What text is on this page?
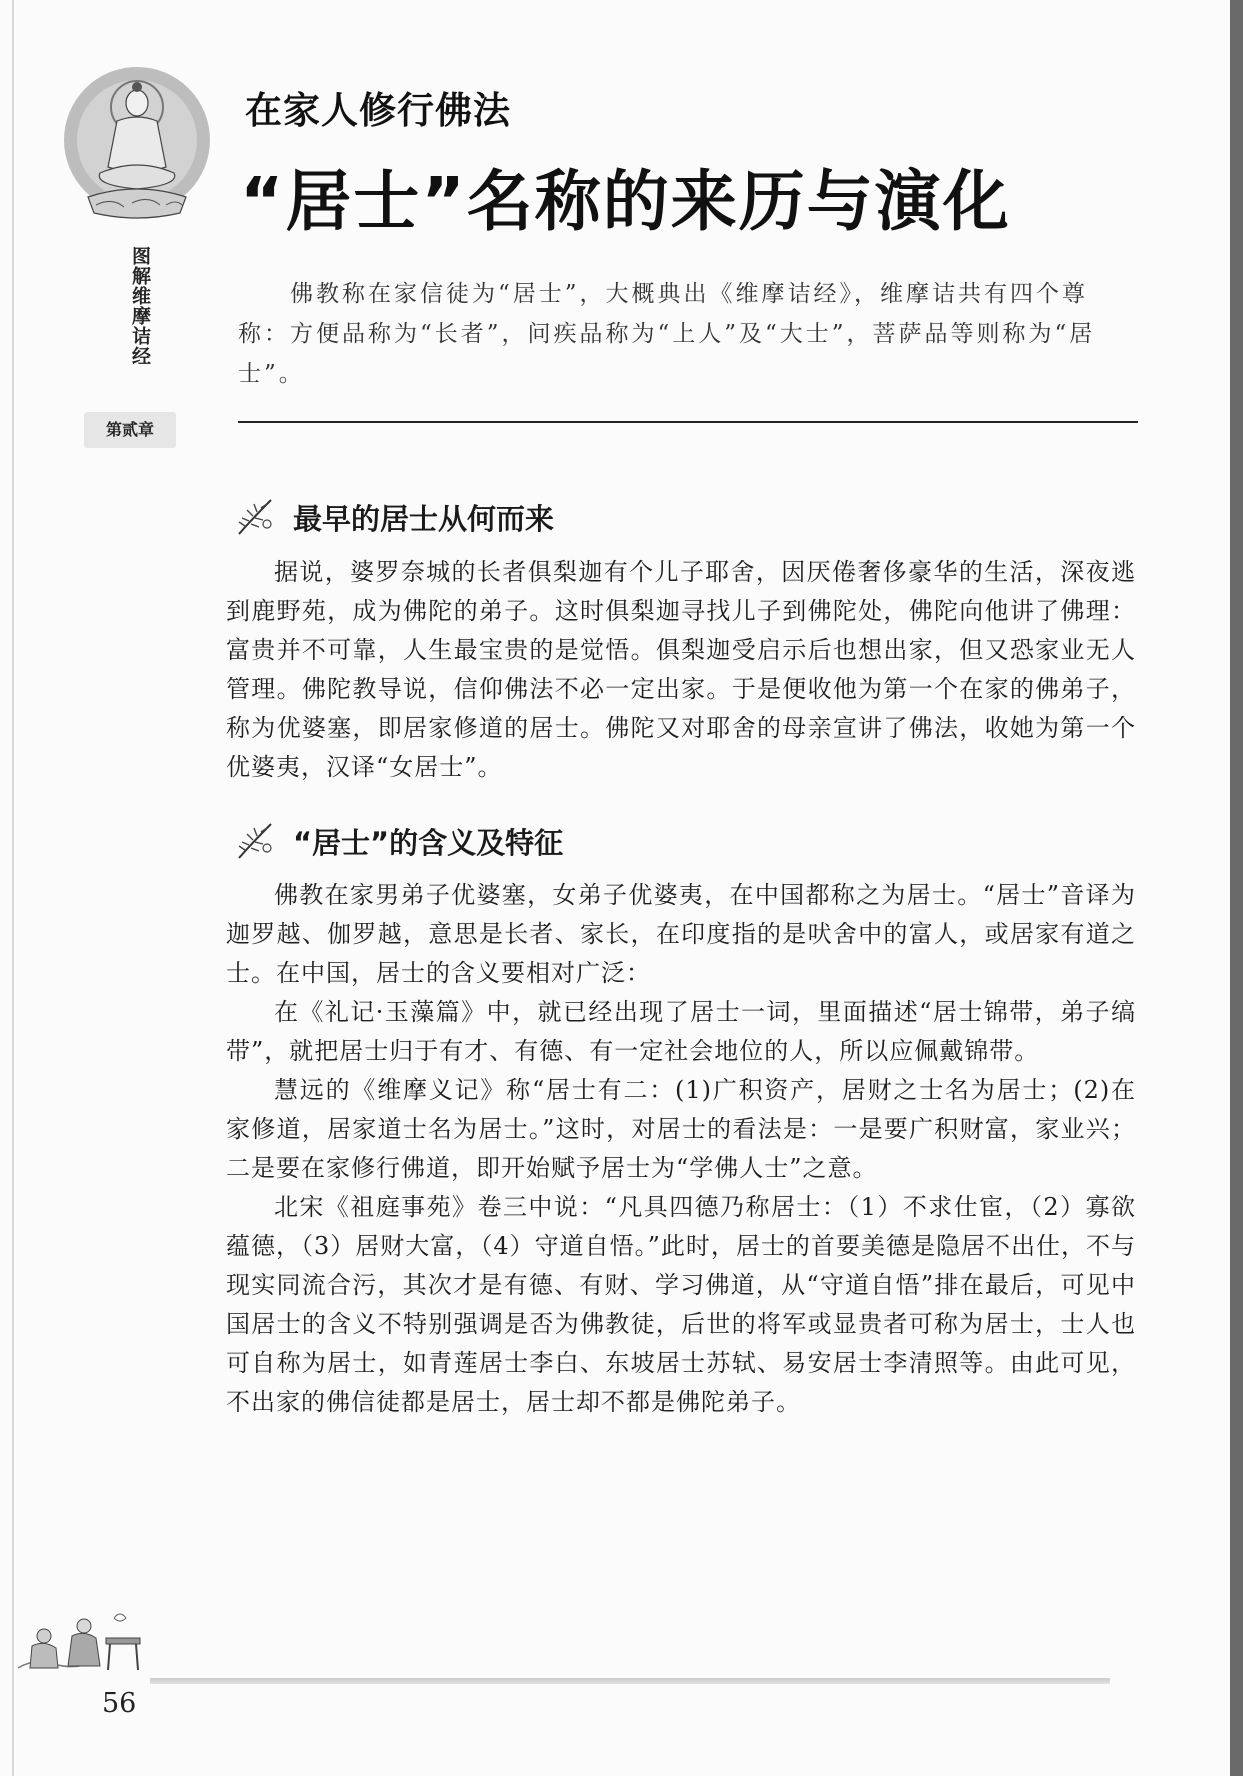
图解维摩诘经
第贰章
在家人修行佛法
“居士”名称的来历与演化
佛教称在家信徒为“居士”，大概典出《维摩诘经》，维摩诘共有四个尊称：方便品称为“长者”，问疾品称为“上人”及“大士”，菩萨品等则称为“居士”。
最早的居士从何而来

据说，婆罗奈城的长者俱梨迦有个儿子耶舍，因厌倦奢侈豪华的生活，深夜逃到鹿野苑，成为佛陀的弟子。这时俱梨迦寻找儿子到佛陀处，佛陀向他讲了佛理：富贵并不可靠，人生最宝贵的是觉悟。俱梨迦受启示后也想出家，但又恐家业无人管理。佛陀教导说，信仰佛法不必一定出家。于是便收他为第一个在家的佛弟子，称为优婆塞，即居家修道的居士。佛陀又对耶舍的母亲宣讲了佛法，收她为第一个优婆夷，汉译“女居士”。

“居士”的含义及特征

佛教在家男弟子优婆塞，女弟子优婆夷，在中国都称之为居士。“居士”音译为迦罗越、伽罗越，意思是长者、家长，在印度指的是吠舍中的富人，或居家有道之士。在中国，居士的含义要相对广泛：

在《礼记·玉藻篇》中，就已经出现了居士一词，里面描述“居士锦带，弟子缟带”，就把居士归于有才、有德、有一定社会地位的人，所以应佩戴锦带。

慧远的《维摩义记》称“居士有二：(1)广积资产，居财之士名为居士；(2)在家修道，居家道士名为居士。”这时，对居士的看法是：一是要广积财富，家业兴；二是要在家修行佛道，即开始赋予居士为“学佛人士”之意。

北宋《祖庭事苑》卷三中说：“凡具四德乃称居士：（1）不求仕宦，（2）寡欲蕴德，（3）居财大富，（4）守道自悟。”此时，居士的首要美德是隐居不出仕，不与现实同流合污，其次才是有德、有财、学习佛道，从“守道自悟”排在最后，可见中国居士的含义不特别强调是否为佛教徒，后世的将军或显贵者可称为居士，士人也可自称为居士，如青莲居士李白、东坡居士苏轼、易安居士李清照等。由此可见，不出家的佛信徒都是居士，居士却不都是佛陀弟子。

56
